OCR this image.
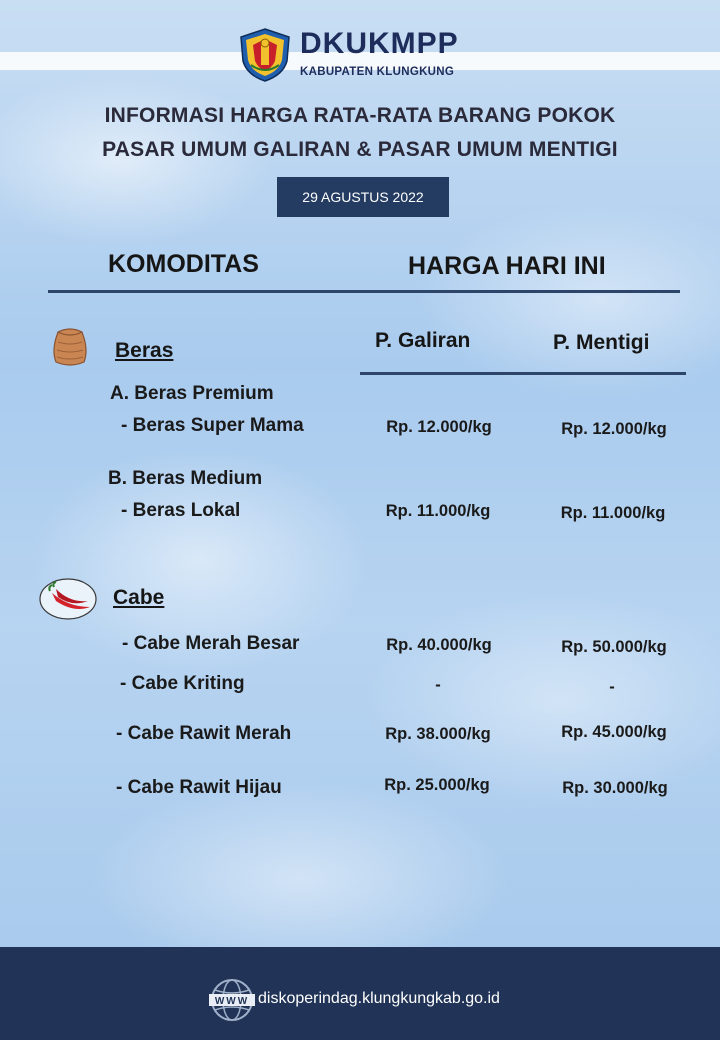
DKUKMPP
KABUPATEN KLUNGKUNG
INFORMASI HARGA RATA-RATA BARANG POKOK
PASAR UMUM GALIRAN & PASAR UMUM MENTIGI
29 AGUSTUS 2022
KOMODITAS	HARGA HARI INI
Beras	P. Galiran	P. Mentigi
A. Beras Premium
- Beras Super Mama	Rp. 12.000/kg	Rp. 12.000/kg
B. Beras Medium
- Beras Lokal	Rp. 11.000/kg	Rp. 11.000/kg
Cabe
- Cabe Merah Besar	Rp. 40.000/kg	Rp. 50.000/kg
- Cabe Kriting	-	-
- Cabe Rawit Merah	Rp. 38.000/kg	Rp. 45.000/kg
- Cabe Rawit Hijau	Rp. 25.000/kg	Rp. 30.000/kg
WWW diskoperindag.klungkungkab.go.id
